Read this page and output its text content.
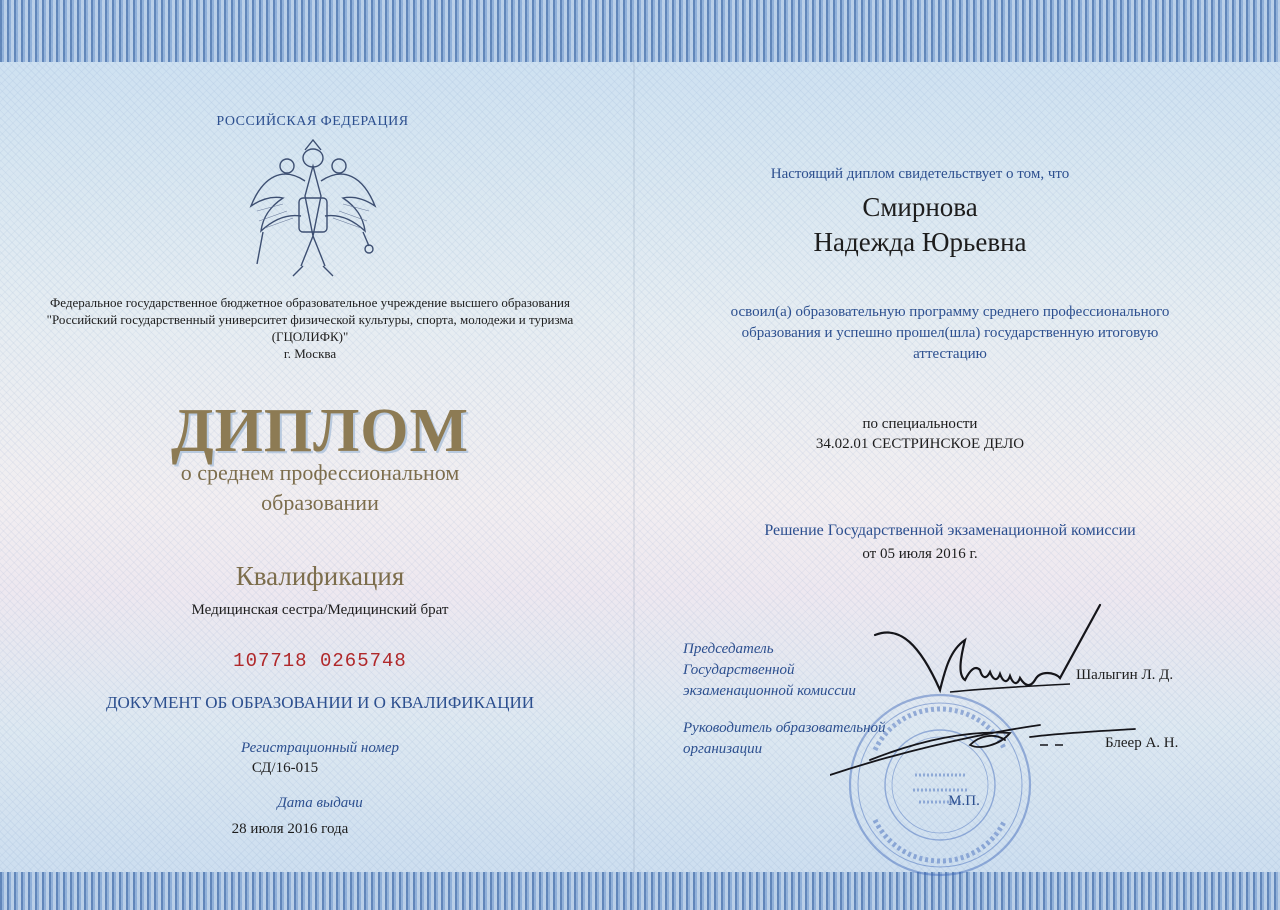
РОССИЙСКАЯ ФЕДЕРАЦИЯ
Федеральное государственное бюджетное образовательное учреждение высшего образования
"Российский государственный университет физической культуры, спорта, молодежи и туризма
(ГЦОЛИФК)"
г. Москва
ДИПЛОМ
о среднем профессиональном
образовании
Квалификация
Медицинская сестра/Медицинский брат
107718 0265748
ДОКУМЕНТ ОБ ОБРАЗОВАНИИ И О КВАЛИФИКАЦИИ
Регистрационный номер
СД/16-015
Дата выдачи
28 июля 2016 года
Настоящий диплом свидетельствует о том, что
Смирнова
Надежда Юрьевна
освоил(а) образовательную программу среднего профессионального
образования и успешно прошел(шла) государственную итоговую
аттестацию
по специальности
34.02.01 СЕСТРИНСКОЕ ДЕЛО
Решение Государственной экзаменационной комиссии
от 05 июля 2016 г.
Председатель
Государственной
экзаменационной комиссии
Шалыгин Л. Д.
Руководитель образовательной
организации	Блеер А. Н.
М.П.
